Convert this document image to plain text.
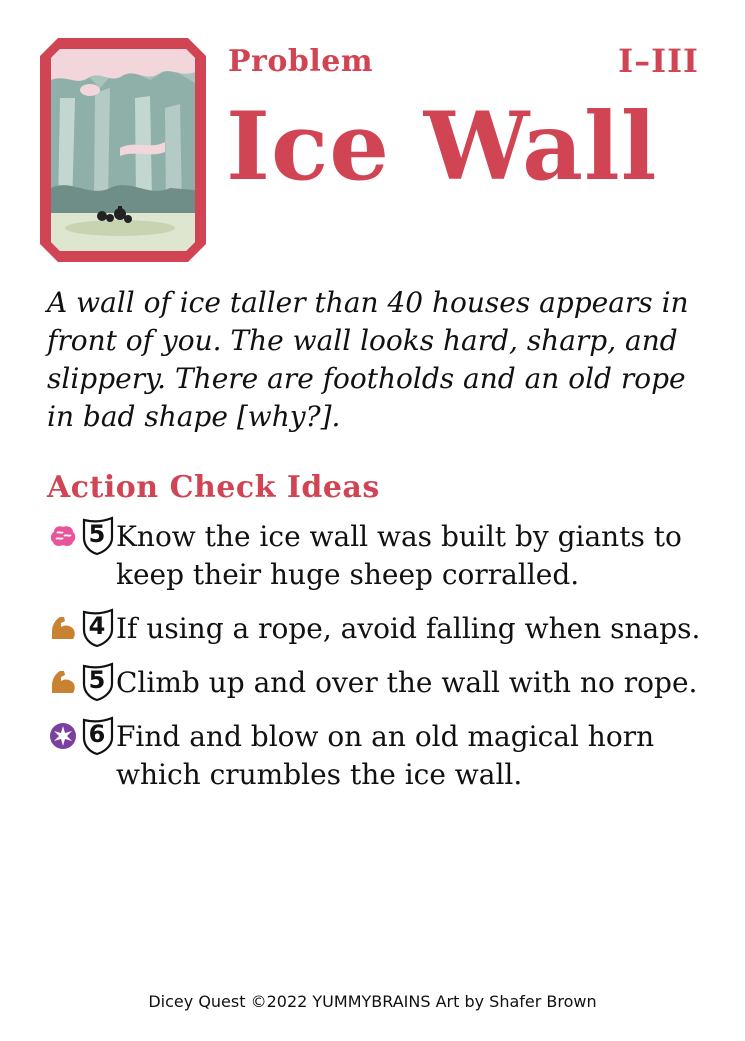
Problem	I–III
Ice Wall

A wall of ice taller than 40 houses appears in front of you. The wall looks hard, sharp, and slippery. There are footholds and an old rope in bad shape [why?].

Action Check Ideas
5 Know the ice wall was built by giants to keep their huge sheep corralled.
4 If using a rope, avoid falling when snaps.
5 Climb up and over the wall with no rope.
6 Find and blow on an old magical horn which crumbles the ice wall.
Dicey Quest ©2022 YUMMYBRAINS Art by Shafer Brown
